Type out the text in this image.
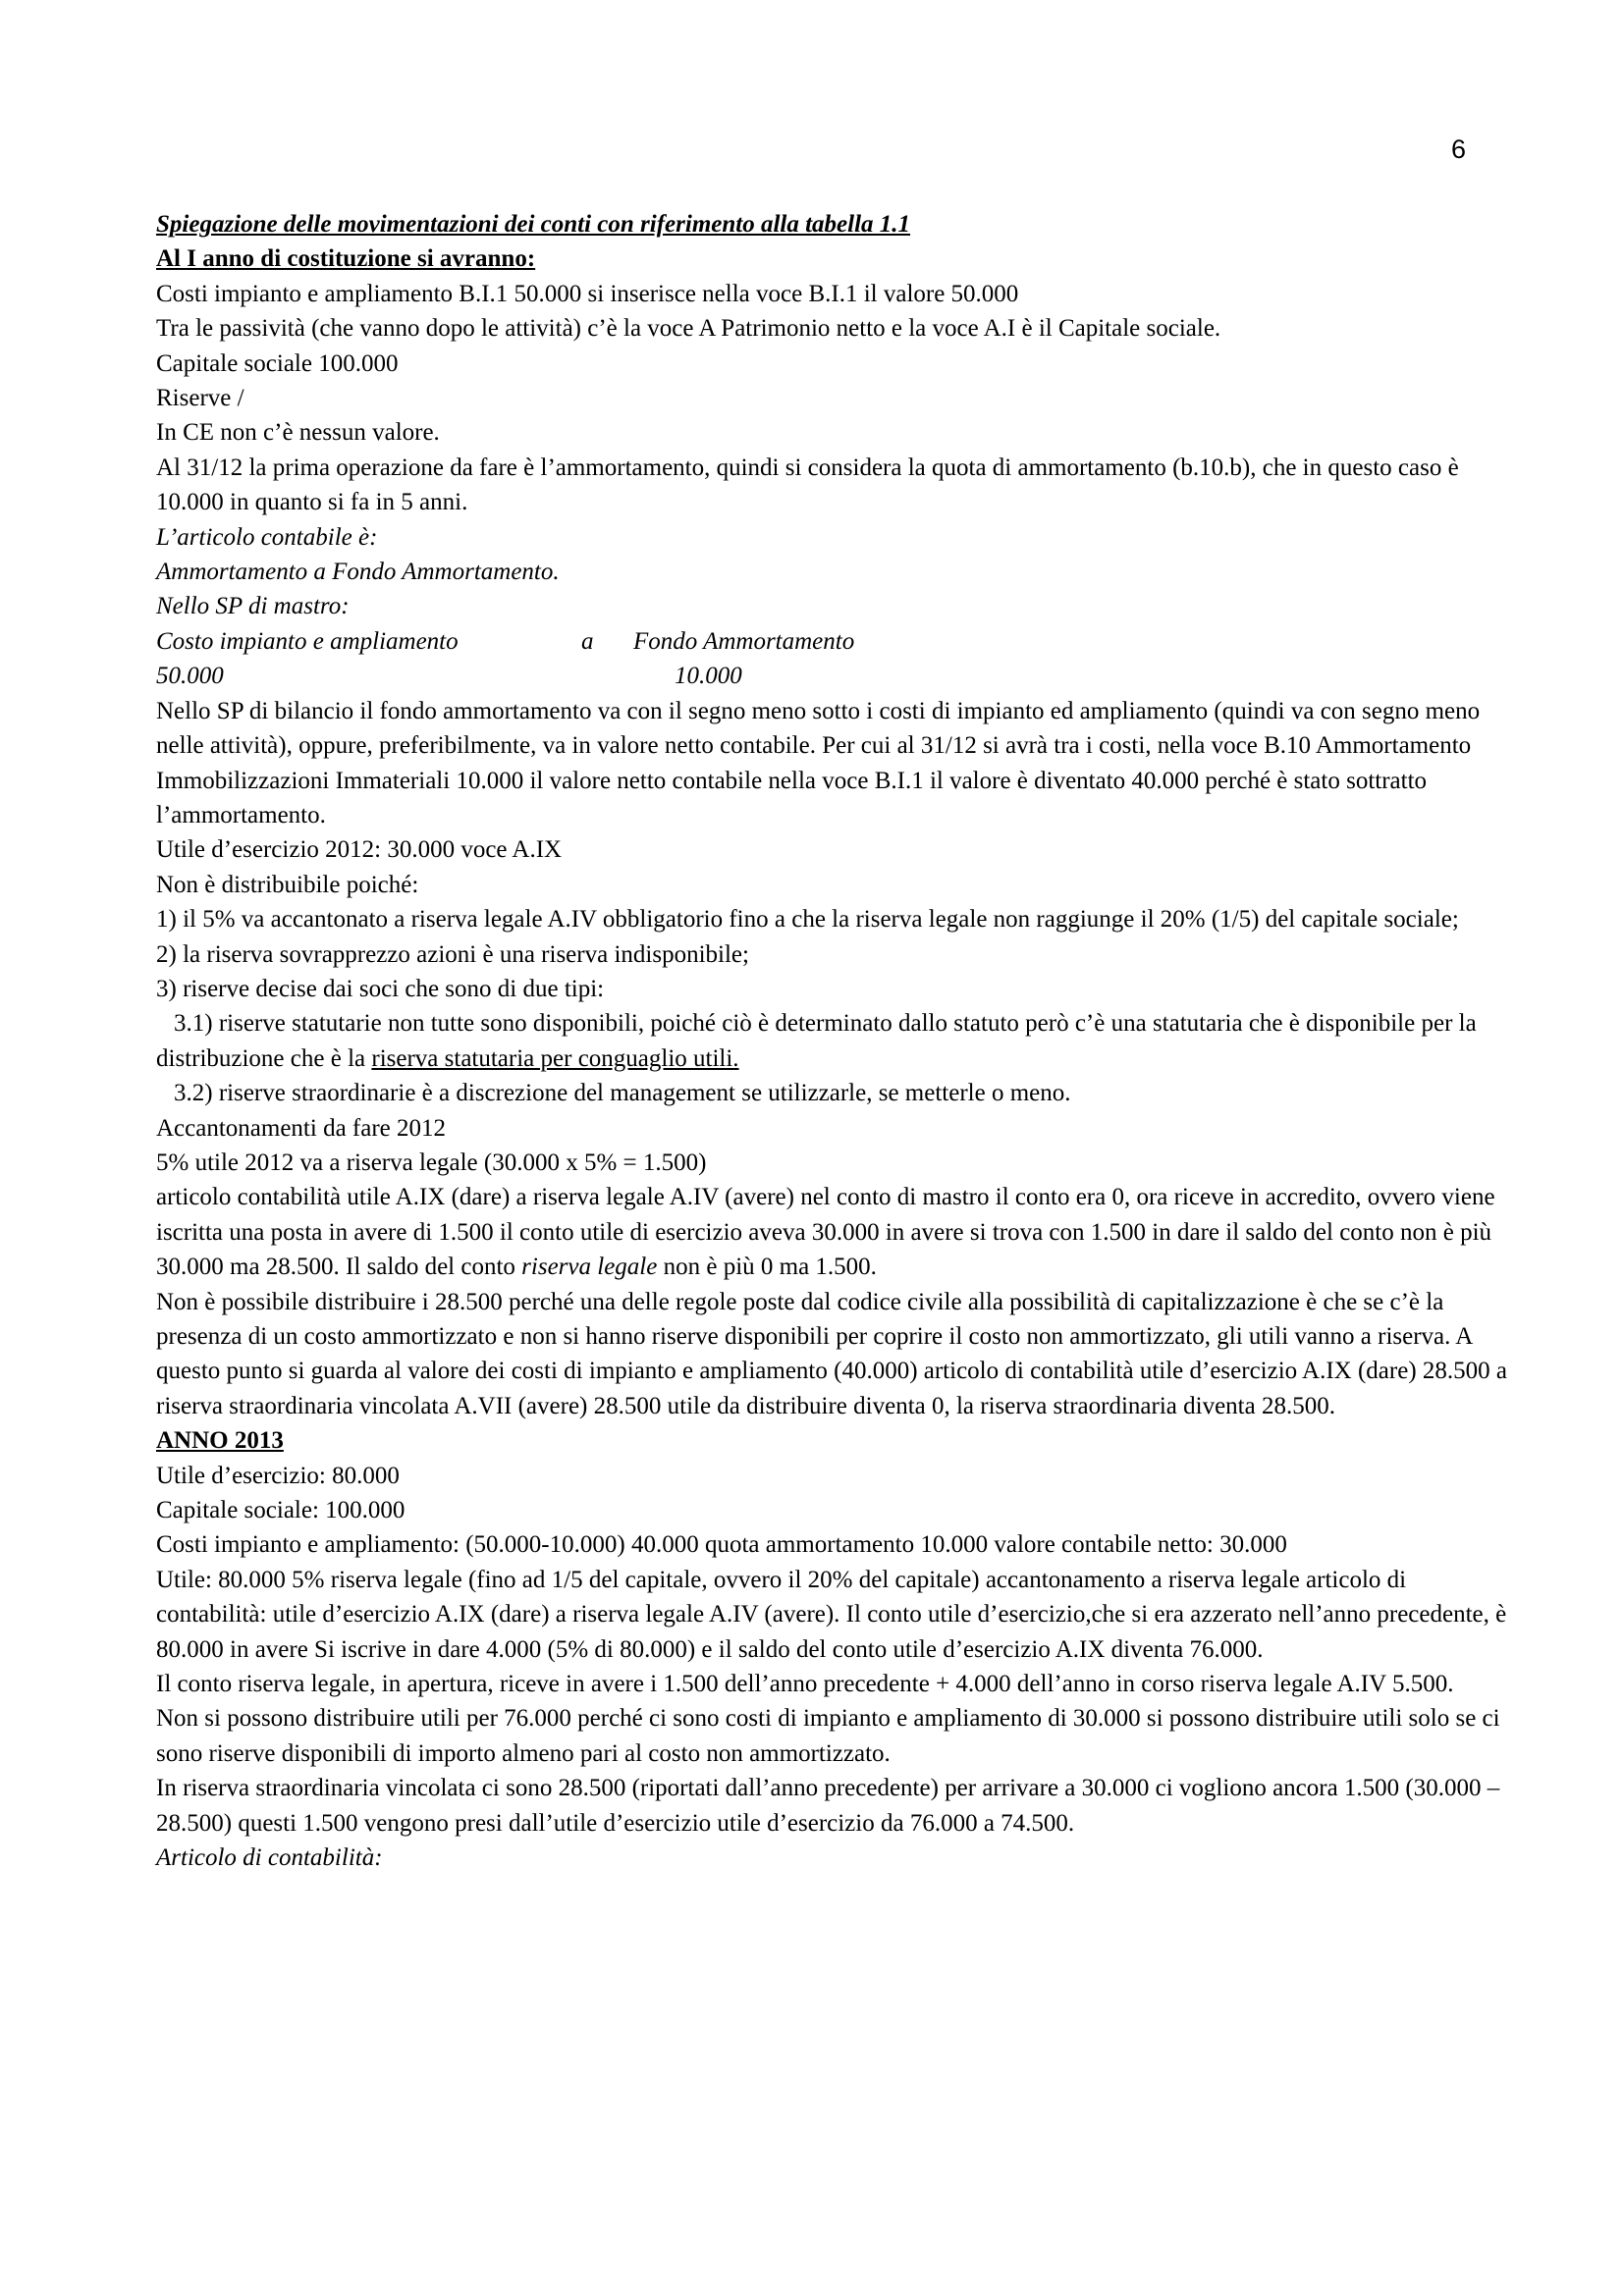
6

Spiegazione delle movimentazioni dei conti con riferimento alla tabella 1.1

Al I anno di costituzione si avranno:

Costi impianto e ampliamento B.I.1 50.000 si inserisce nella voce B.I.1 il valore 50.000

Tra le passività (che vanno dopo le attività) c’è la voce A Patrimonio netto e la voce A.I è il Capitale sociale.

Capitale sociale 100.000

Riserve /

In CE non c’è nessun valore.

Al 31/12 la prima operazione da fare è l’ammortamento, quindi si considera la quota di ammortamento (b.10.b), che in questo caso è 10.000 in quanto si fa in 5 anni.

L’articolo contabile è:

Ammortamento a Fondo Ammortamento.

Nello SP di mastro:

Costo impianto e ampliamento	a Fondo Ammortamento

50.000	10.000

Nello SP di bilancio il fondo ammortamento va con il segno meno sotto i costi di impianto ed ampliamento (quindi va con segno meno nelle attività), oppure, preferibilmente, va in valore netto contabile. Per cui al 31/12 si avrà tra i costi, nella voce B.10 Ammortamento Immobilizzazioni Immateriali 10.000 il valore netto contabile nella voce B.I.1 il valore è diventato 40.000 perché è stato sottratto l’ammortamento.

Utile d’esercizio 2012: 30.000 voce A.IX

Non è distribuibile poiché:

1) il 5% va accantonato a riserva legale A.IV obbligatorio fino a che la riserva legale non raggiunge il 20% (1/5) del capitale sociale;

2) la riserva sovrapprezzo azioni è una riserva indisponibile;

3) riserve decise dai soci che sono di due tipi:

3.1) riserve statutarie non tutte sono disponibili, poiché ciò è determinato dallo statuto però c’è una statutaria che è disponibile per la distribuzione che è la riserva statutaria per conguaglio utili.

3.2) riserve straordinarie è a discrezione del management se utilizzarle, se metterle o meno.

Accantonamenti da fare 2012

5% utile 2012 va a riserva legale (30.000 x 5% = 1.500)

articolo contabilità utile A.IX (dare) a riserva legale A.IV (avere) nel conto di mastro il conto era 0, ora riceve in accredito, ovvero viene iscritta una posta in avere di 1.500 il conto utile di esercizio aveva 30.000 in avere si trova con 1.500 in dare il saldo del conto non è più 30.000 ma 28.500. Il saldo del conto riserva legale non è più 0 ma 1.500.

Non è possibile distribuire i 28.500 perché una delle regole poste dal codice civile alla possibilità di capitalizzazione è che se c’è la presenza di un costo ammortizzato e non si hanno riserve disponibili per coprire il costo non ammortizzato, gli utili vanno a riserva. A questo punto si guarda al valore dei costi di impianto e ampliamento (40.000) articolo di contabilità utile d’esercizio A.IX (dare) 28.500 a riserva straordinaria vincolata A.VII (avere) 28.500 utile da distribuire diventa 0, la riserva straordinaria diventa 28.500.

ANNO 2013

Utile d’esercizio: 80.000

Capitale sociale: 100.000

Costi impianto e ampliamento: (50.000-10.000) 40.000 quota ammortamento 10.000 valore contabile netto: 30.000

Utile: 80.000 5% riserva legale (fino ad 1/5 del capitale, ovvero il 20% del capitale) accantonamento a riserva legale articolo di contabilità: utile d’esercizio A.IX (dare) a riserva legale A.IV (avere). Il conto utile d’esercizio,che si era azzerato nell’anno precedente, è 80.000 in avere Si iscrive in dare 4.000 (5% di 80.000) e il saldo del conto utile d’esercizio A.IX diventa 76.000.

Il conto riserva legale, in apertura, riceve in avere i 1.500 dell’anno precedente + 4.000 dell’anno in corso riserva legale A.IV 5.500.

Non si possono distribuire utili per 76.000 perché ci sono costi di impianto e ampliamento di 30.000 si possono distribuire utili solo se ci sono riserve disponibili di importo almeno pari al costo non ammortizzato.

In riserva straordinaria vincolata ci sono 28.500 (riportati dall’anno precedente) per arrivare a 30.000 ci vogliono ancora 1.500 (30.000 – 28.500) questi 1.500 vengono presi dall’utile d’esercizio utile d’esercizio da 76.000 a 74.500.

Articolo di contabilità:
